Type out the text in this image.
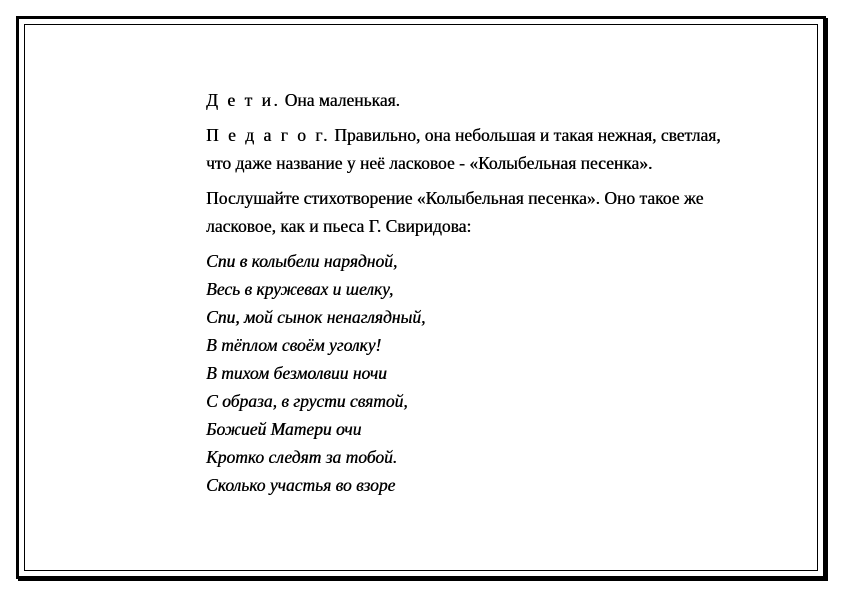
Д е т и. Она маленькая.

П е д а г о г. Правильно, она небольшая и такая нежная, светлая, что даже название у неё ласковое - «Колыбельная песенка».

Послушайте стихотворение «Колыбельная песенка». Оно такое же ласковое, как и пьеса Г. Свиридова:

Спи в колыбели нарядной,
Весь в кружевах и шелку,
Спи, мой сынок ненаглядный,
В тёплом своём уголку!
В тихом безмолвии ночи
С образа, в грусти святой,
Божией Матери очи
Кротко следят за тобой.
Сколько участья во взоре
